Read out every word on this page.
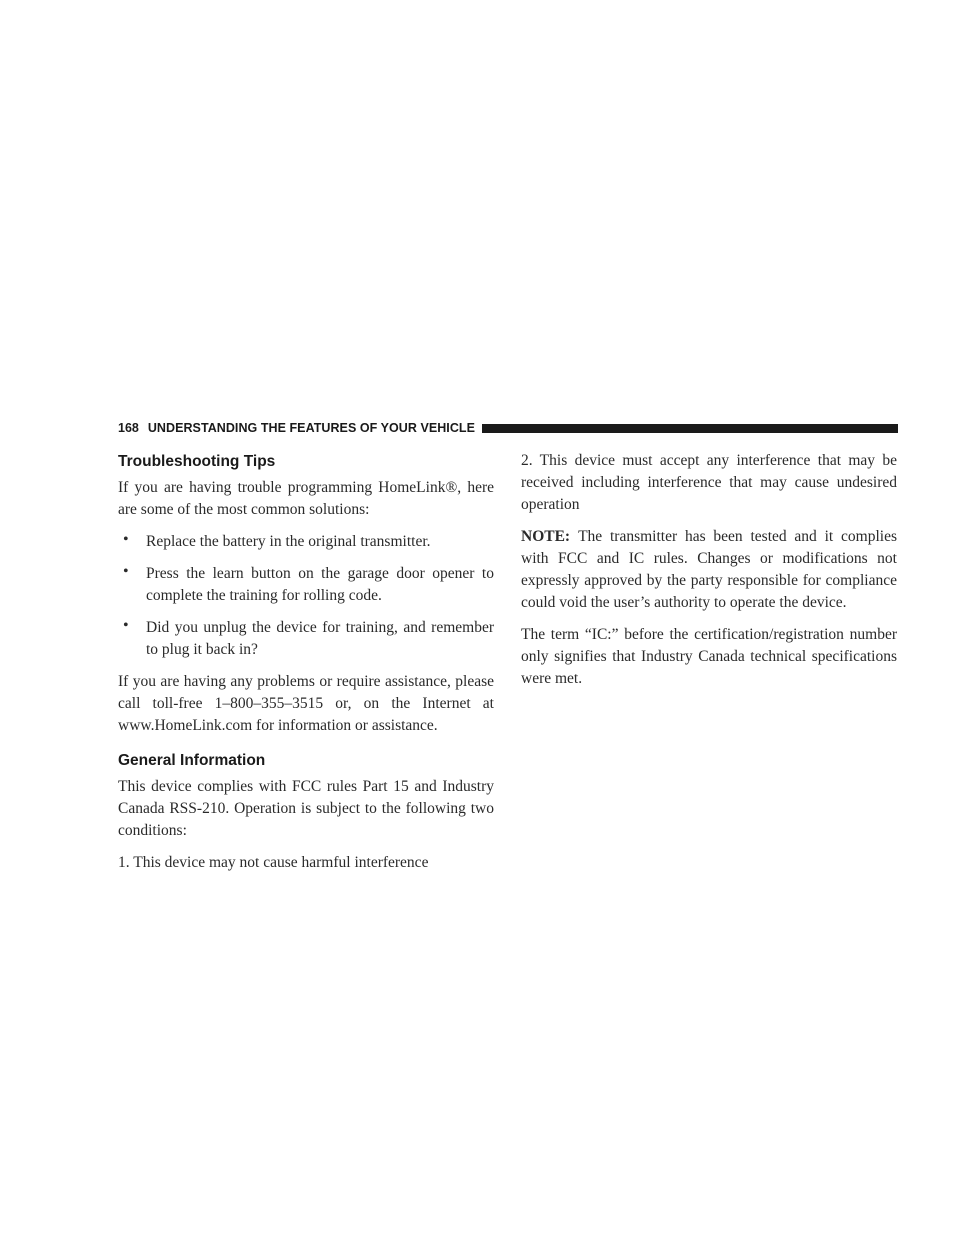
168 UNDERSTANDING THE FEATURES OF YOUR VEHICLE
Troubleshooting Tips

If you are having trouble programming HomeLink®, here are some of the most common solutions:

• Replace the battery in the original transmitter.

• Press the learn button on the garage door opener to complete the training for rolling code.

• Did you unplug the device for training, and remember to plug it back in?

If you are having any problems or require assistance, please call toll-free 1–800–355–3515 or, on the Internet at www.HomeLink.com for information or assistance.

General Information

This device complies with FCC rules Part 15 and Industry Canada RSS-210. Operation is subject to the following two conditions:

1. This device may not cause harmful interference

2. This device must accept any interference that may be received including interference that may cause undesired operation

NOTE: The transmitter has been tested and it complies with FCC and IC rules. Changes or modifications not expressly approved by the party responsible for compliance could void the user’s authority to operate the device.

The term “IC:” before the certification/registration number only signifies that Industry Canada technical specifications were met.
